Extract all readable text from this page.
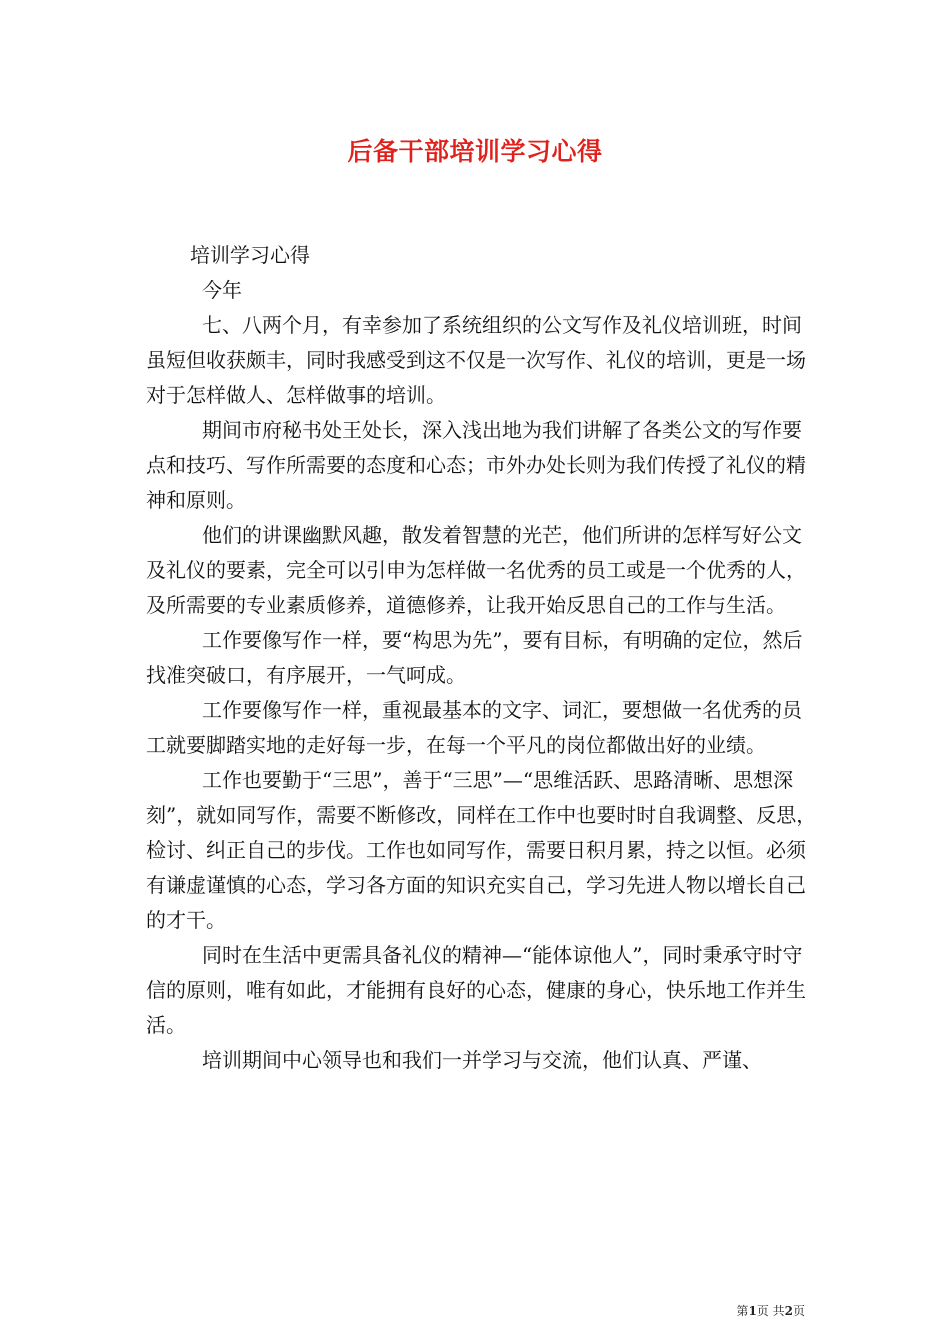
后备干部培训学习心得

培训学习心得

今年

七、八两个月，有幸参加了系统组织的公文写作及礼仪培训班，时间虽短但收获颇丰，同时我感受到这不仅是一次写作、礼仪的培训，更是一场对于怎样做人、怎样做事的培训。

期间市府秘书处王处长，深入浅出地为我们讲解了各类公文的写作要点和技巧、写作所需要的态度和心态；市外办处长则为我们传授了礼仪的精神和原则。

他们的讲课幽默风趣，散发着智慧的光芒，他们所讲的怎样写好公文及礼仪的要素，完全可以引申为怎样做一名优秀的员工或是一个优秀的人，及所需要的专业素质修养，道德修养，让我开始反思自己的工作与生活。

工作要像写作一样，要“构思为先”，要有目标，有明确的定位，然后找准突破口，有序展开，一气呵成。

工作要像写作一样，重视最基本的文字、词汇，要想做一名优秀的员工就要脚踏实地的走好每一步，在每一个平凡的岗位都做出好的业绩。

工作也要勤于“三思”，善于“三思”—“思维活跃、思路清晰、思想深刻”，就如同写作，需要不断修改，同样在工作中也要时时自我调整、反思，检讨、纠正自己的步伐。工作也如同写作，需要日积月累，持之以恒。必须有谦虚谨慎的心态，学习各方面的知识充实自己，学习先进人物以增长自己的才干。

同时在生活中更需具备礼仪的精神—“能体谅他人”，同时秉承守时守信的原则，唯有如此，才能拥有良好的心态，健康的身心，快乐地工作并生活。

培训期间中心领导也和我们一并学习与交流，他们认真、严谨、

第1页 共2页
